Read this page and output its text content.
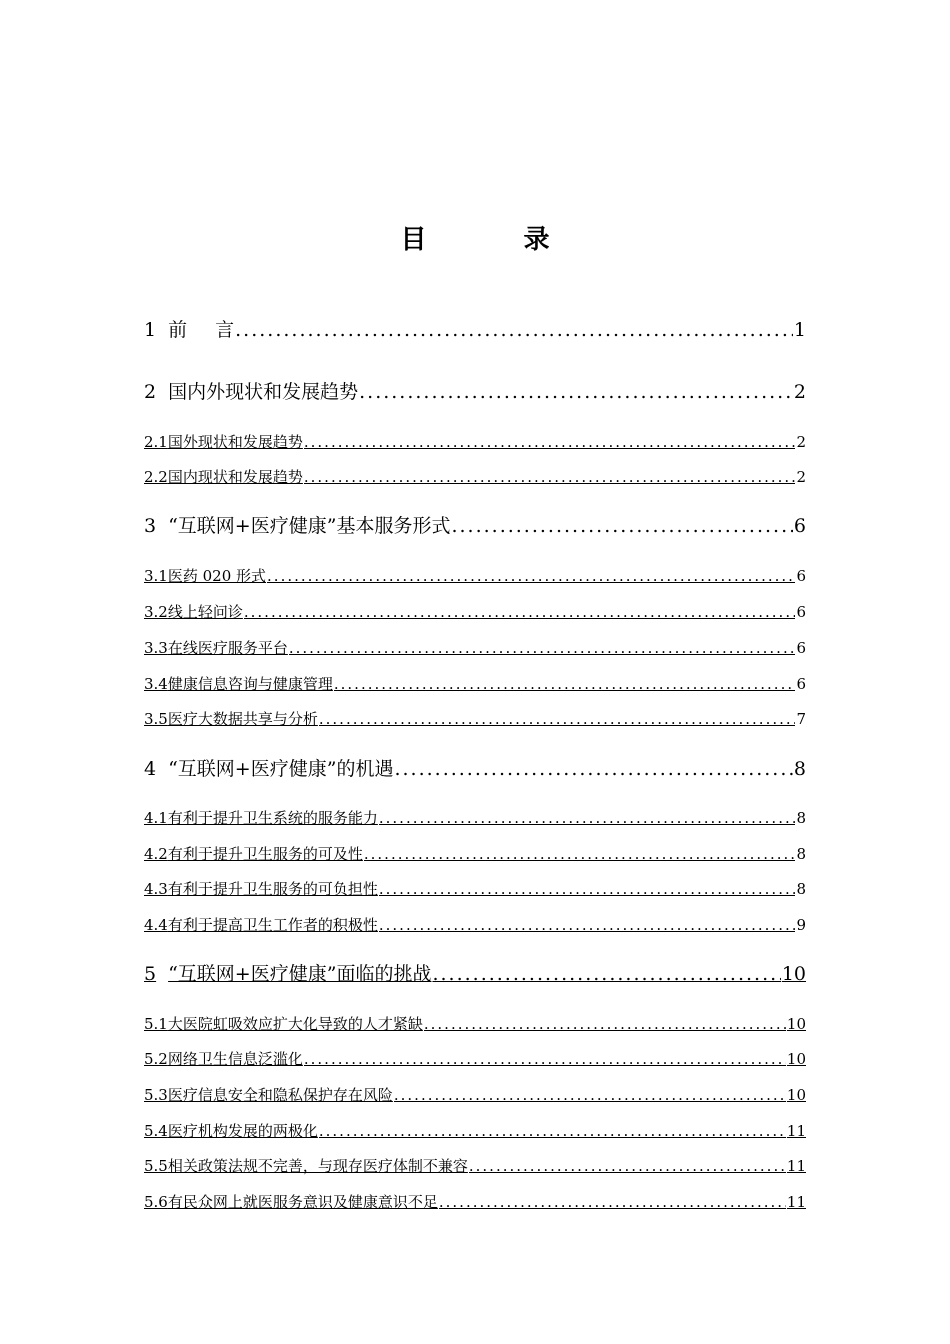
目 录
1 前 言 .....	1
2 国内外现状和发展趋势 .....	2
2.1 国外现状和发展趋势 .....	2
2.2 国内现状和发展趋势 .....	2
3 “互联网+医疗健康”基本服务形式 .....	6
3.1 医药 020 形式 .....	6
3.2 线上轻问诊 .....	6
3.3 在线医疗服务平台 .....	6
3.4 健康信息咨询与健康管理 .....	6
3.5 医疗大数据共享与分析 .....	7
4 “互联网+医疗健康”的机遇 .....	8
4.1 有利于提升卫生系统的服务能力 .....	8
4.2 有利于提升卫生服务的可及性 .....	8
4.3 有利于提升卫生服务的可负担性 .....	8
4.4 有利于提高卫生工作者的积极性 .....	9
5 “互联网+医疗健康”面临的挑战 .....	10
5.1 大医院虹吸效应扩大化导致的人才紧缺 .....	10
5.2 网络卫生信息泛滥化 .....	10
5.3 医疗信息安全和隐私保护存在风险 .....	10
5.4 医疗机构发展的两极化 .....	11
5.5 相关政策法规不完善，与现存医疗体制不兼容 .....	11
5.6 有民众网上就医服务意识及健康意识不足 .....	11
